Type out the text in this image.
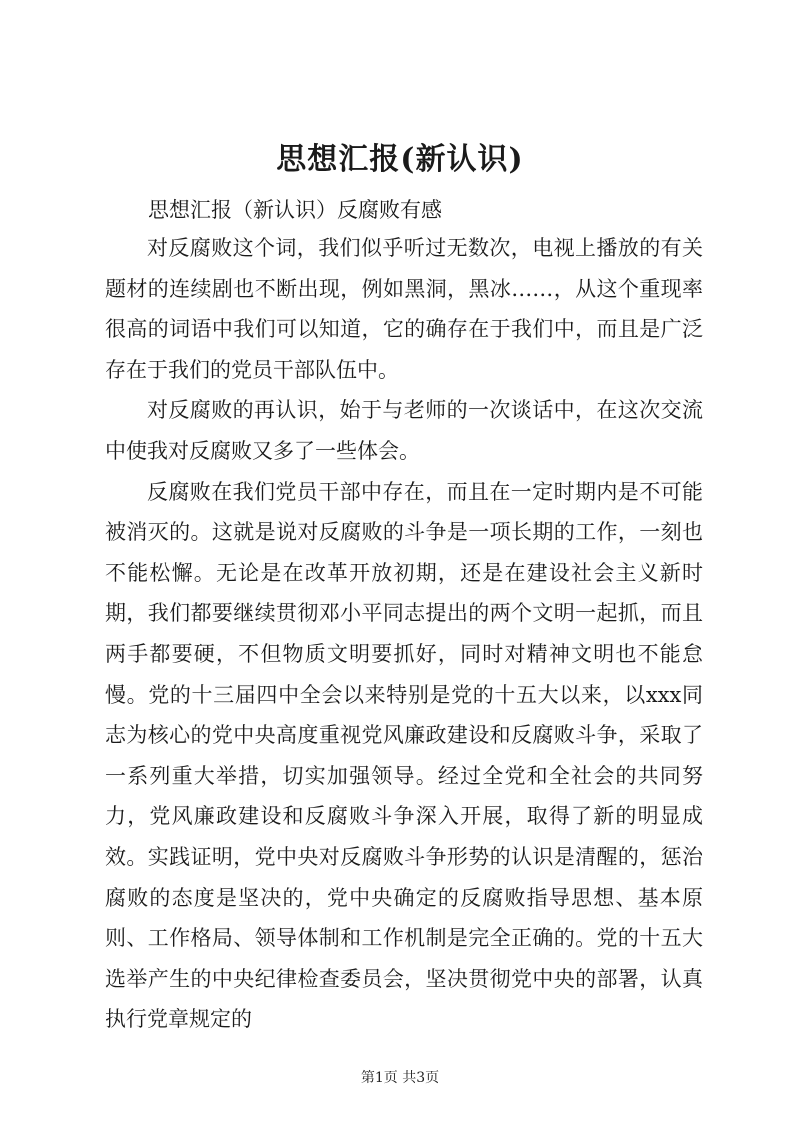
思想汇报(新认识)

思想汇报（新认识）反腐败有感

对反腐败这个词，我们似乎听过无数次，电视上播放的有关题材的连续剧也不断出现，例如黑洞，黑冰……，从这个重现率很高的词语中我们可以知道，它的确存在于我们中，而且是广泛存在于我们的党员干部队伍中。

对反腐败的再认识，始于与老师的一次谈话中，在这次交流中使我对反腐败又多了一些体会。

反腐败在我们党员干部中存在，而且在一定时期内是不可能被消灭的。这就是说对反腐败的斗争是一项长期的工作，一刻也不能松懈。无论是在改革开放初期，还是在建设社会主义新时期，我们都要继续贯彻邓小平同志提出的两个文明一起抓，而且两手都要硬，不但物质文明要抓好，同时对精神文明也不能怠慢。党的十三届四中全会以来特别是党的十五大以来，以xxx同志为核心的党中央高度重视党风廉政建设和反腐败斗争，采取了一系列重大举措，切实加强领导。经过全党和全社会的共同努力，党风廉政建设和反腐败斗争深入开展，取得了新的明显成效。实践证明，党中央对反腐败斗争形势的认识是清醒的，惩治腐败的态度是坚决的，党中央确定的反腐败指导思想、基本原则、工作格局、领导体制和工作机制是完全正确的。党的十五大选举产生的中央纪律检查委员会，坚决贯彻党中央的部署，认真执行党章规定的

第1页 共3页
